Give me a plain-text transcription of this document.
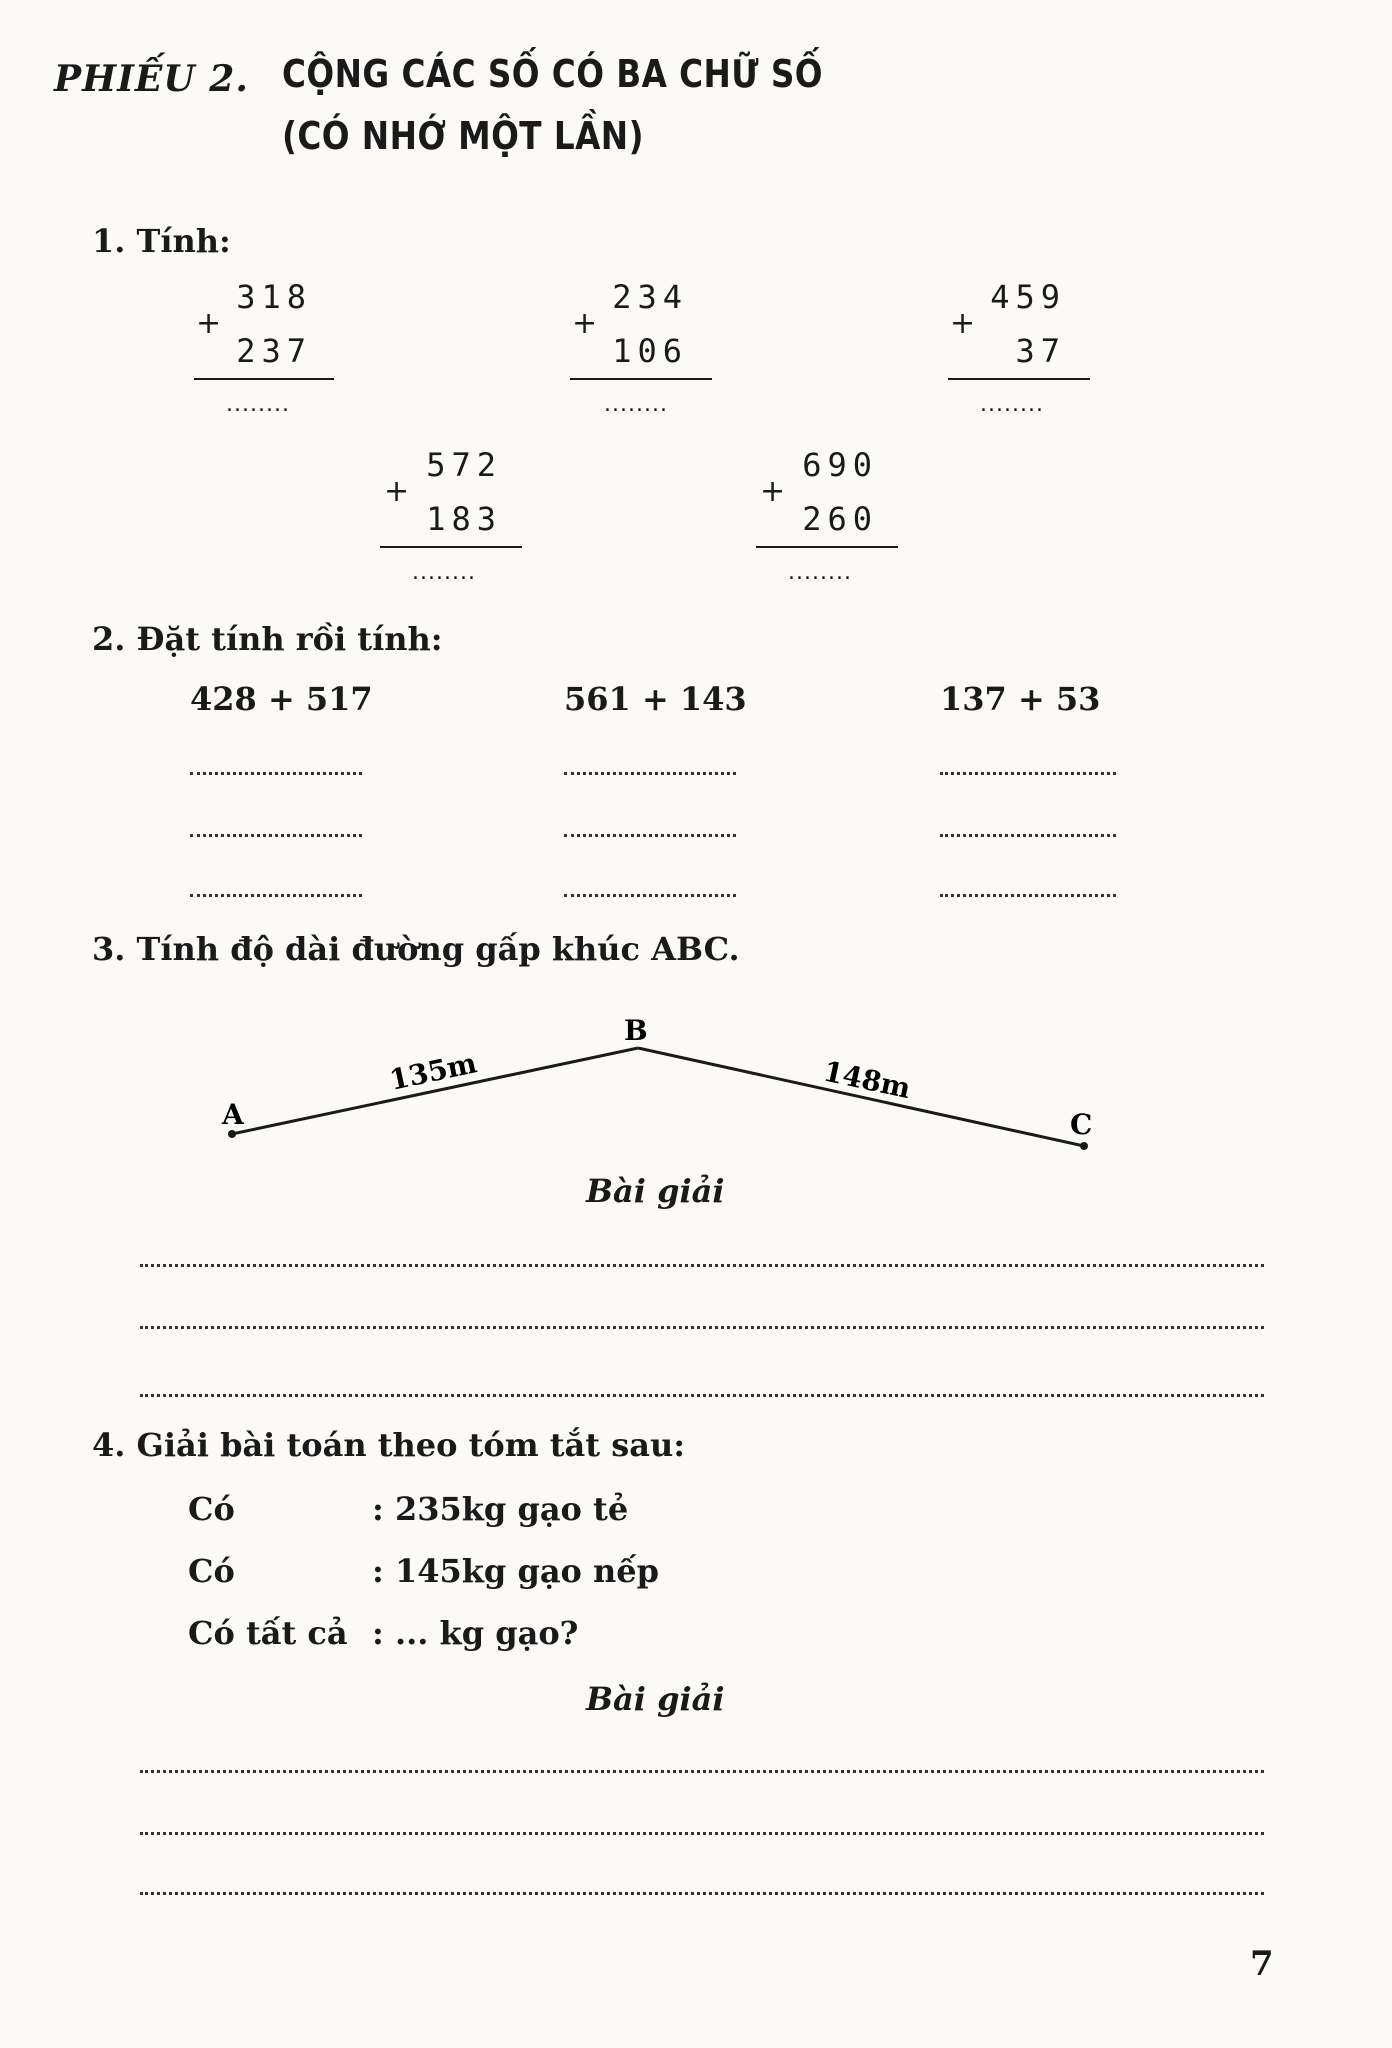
PHIẾU 2. CỘNG CÁC SỐ CÓ BA CHỮ SỐ
(CÓ NHỚ MỘT LẦN)
1. Tính:
318
+
237
........
234
+
106
........
459
+
37
........
572
+
183
........
690
+
260
........
2. Đặt tính rồi tính:
428 + 517	561 + 143	137 + 53
3. Tính độ dài đường gấp khúc ABC.
A
B
C
135m	148m
Bài giải
4. Giải bài toán theo tóm tắt sau:
Có	: 235kg gạo tẻ
Có	: 145kg gạo nếp
Có tất cả : ... kg gạo?
Bài giải
7
